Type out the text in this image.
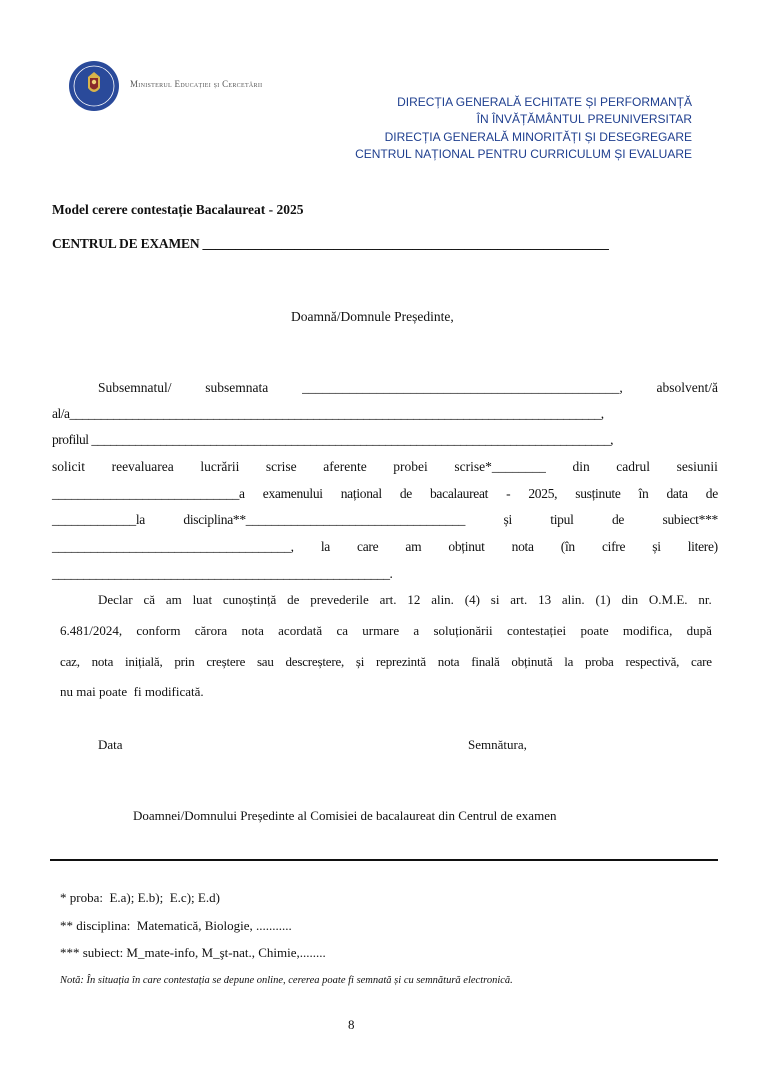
Ministerul Educației și Cercetării
DIRECȚIA GENERALĂ ECHITATE ȘI PERFORMANȚĂ
ÎN ÎNVĂȚĂMÂNTUL PREUNIVERSITAR
DIRECȚIA GENERALĂ MINORITĂȚI ȘI DESEGREGARE
CENTRUL NAȚIONAL PENTRU CURRICULUM ȘI EVALUARE
Model cerere contestație Bacalaureat - 2025
CENTRUL DE EXAMEN ______________________________________________________________
Doamnă/Domnule Președinte,
Subsemnatul/	subsemnata	_______________________________________________,	absolvent/ă
al/a_____________________________________________________________________________________,
profilul ___________________________________________________________________________________,
solicit reevaluarea lucrării scrise aferente probei scrise*________ din cadrul sesiunii
_____________________________a examenului național de bacalaureat - 2025, susținute în data de
_____________la	disciplina**__________________________________	și	tipul	de	subiect***
_____________________________________, la care am obținut nota (în cifre și litere)
______________________________________________________.
Declar că am luat cunoștință de prevederile art. 12 alin. (4) si art. 13 alin. (1) din O.M.E. nr.
6.481/2024, conform cărora nota acordată ca urmare a soluționării contestației poate modifica, după
caz, nota inițială, prin creștere sau descreștere, și reprezintă nota finală obținută la proba respectivă, care
nu mai poate  fi modificată.
Data	Semnătura,
Doamnei/Domnului Președinte al Comisiei de bacalaureat din Centrul de examen
* proba:  E.a); E.b);  E.c); E.d)
** disciplina:  Matematică, Biologie, ...........
*** subiect: M_mate-info, M_şt-nat., Chimie,........
Notă: În situația în care contestația se depune online, cererea poate fi semnată și cu semnătură electronică.
8
